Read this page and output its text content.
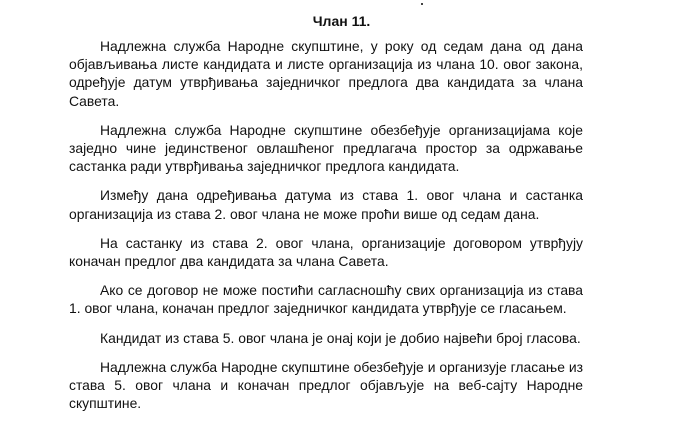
Члан 11.

Надлежна служба Народне скупштине, у року од седам дана од дана објављивања листе кандидата и листе организација из члана 10. овог закона, одређује датум утврђивања заједничког предлога два кандидата за члана Савета.

Надлежна служба Народне скупштине обезбеђује организацијама које заједно чине јединственог овлашћеног предлагача простор за одржавање састанка ради утврђивања заједничког предлога кандидата.

Између дана одређивања датума из става 1. овог члана и састанка организација из става 2. овог члана не може проћи више од седам дана.

На састанку из става 2. овог члана, организације договором утврђују коначан предлог два кандидата за члана Савета.

Ако се договор не може постићи сагласношћу свих организација из става 1. овог члана, коначан предлог заједничког кандидата утврђује се гласањем.

Кандидат из става 5. овог члана је онај који је добио највећи број гласова.

Надлежна служба Народне скупштине обезбеђује и организује гласање из става 5. овог члана и коначан предлог објављује на веб-сајту Народне скупштине.
